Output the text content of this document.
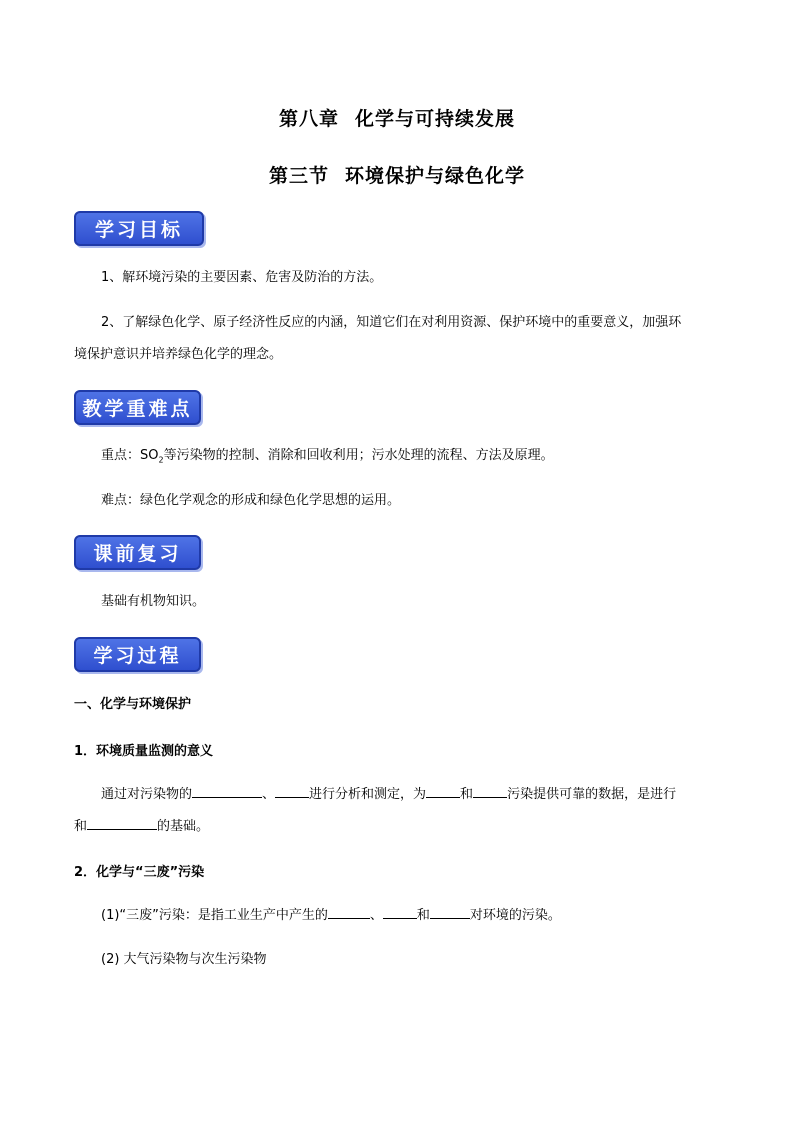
第八章 化学与可持续发展
第三节 环境保护与绿色化学
学习目标
1、解环境污染的主要因素、危害及防治的方法。
2、了解绿色化学、原子经济性反应的内涵，知道它们在对利用资源、保护环境中的重要意义，加强环
境保护意识并培养绿色化学的理念。
教学重难点
重点：$SO_2$等污染物的控制、消除和回收利用；污水处理的流程、方法及原理。
难点：绿色化学观念的形成和绿色化学思想的运用。
课前复习
基础有机物知识。
学习过程
一、化学与环境保护
1．环境质量监测的意义
通过对污染物的	、	进行分析和测定，为	和	污染提供可靠的数据，是进行
和	的基础。
2．化学与“三废”污染
(1)“三废”污染：是指工业生产中产生的	、	和	对环境的污染。
(2) 大气污染物与次生污染物
